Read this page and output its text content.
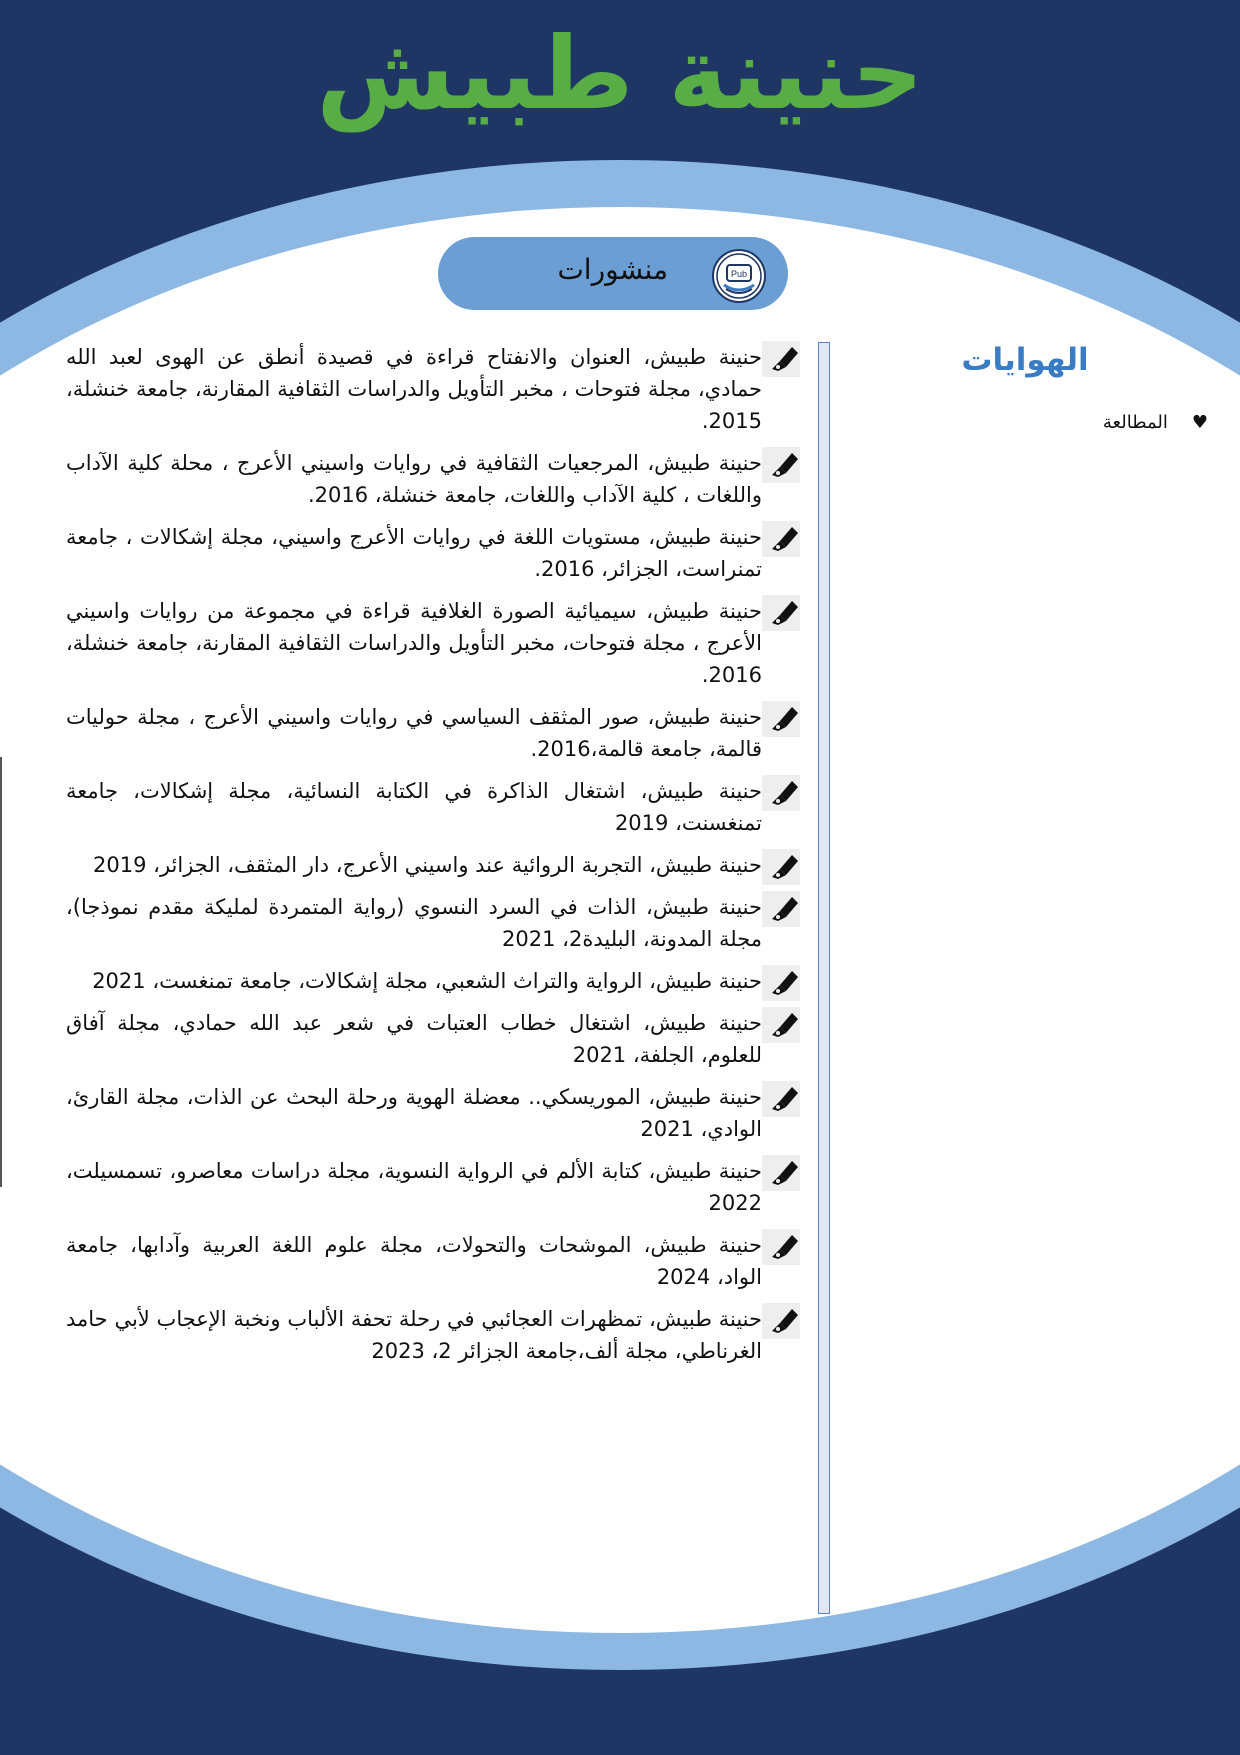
حنينة طبيش
منشورات	Pub
الهوايات
♥
المطالعة
حنينة طبيش، العنوان والانفتاح قراءة في قصيدة أنطق عن الهوى لعبد الله حمادي، مجلة فتوحات ، مخبر التأويل والدراسات الثقافية المقارنة، جامعة خنشلة، 2015.
حنينة طبيش، المرجعيات الثقافية في روايات واسيني الأعرج ، محلة كلية الآداب واللغات ، كلية الآداب واللغات، جامعة خنشلة، 2016.
حنينة طبيش، مستويات اللغة في روايات الأعرج واسيني، مجلة إشكالات ، جامعة تمنراست، الجزائر، 2016.
حنينة طبيش، سيميائية الصورة الغلافية قراءة في مجموعة من روايات واسيني الأعرج ، مجلة فتوحات، مخبر التأويل والدراسات الثقافية المقارنة، جامعة خنشلة، 2016.
حنينة طبيش، صور المثقف السياسي في روايات واسيني الأعرج ، مجلة حوليات قالمة، جامعة قالمة،2016.
حنينة طبيش، اشتغال الذاكرة في الكتابة النسائية، مجلة إشكالات، جامعة تمنغسنت، 2019
حنينة طبيش، التجربة الروائية عند واسيني الأعرج، دار المثقف، الجزائر، 2019
حنينة طبيش، الذات في السرد النسوي (رواية المتمردة لمليكة مقدم نموذجا)، مجلة المدونة، البليدة2، 2021
حنينة طبيش، الرواية والتراث الشعبي، مجلة إشكالات، جامعة تمنغست، 2021
حنينة طبيش، اشتغال خطاب العتبات في شعر عبد الله حمادي، مجلة آفاق للعلوم، الجلفة، 2021
حنينة طبيش، الموريسكي.. معضلة الهوية ورحلة البحث عن الذات، مجلة القارئ، الوادي، 2021
حنينة طبيش، كتابة الألم في الرواية النسوية، مجلة دراسات معاصرو، تسمسيلت، 2022
حنينة طبيش، الموشحات والتحولات، مجلة علوم اللغة العربية وآدابها، جامعة الواد، 2024
حنينة طبيش، تمظهرات العجائبي في رحلة تحفة الألباب ونخبة الإعجاب لأبي حامد الغرناطي، مجلة ألف،جامعة الجزائر 2، 2023
